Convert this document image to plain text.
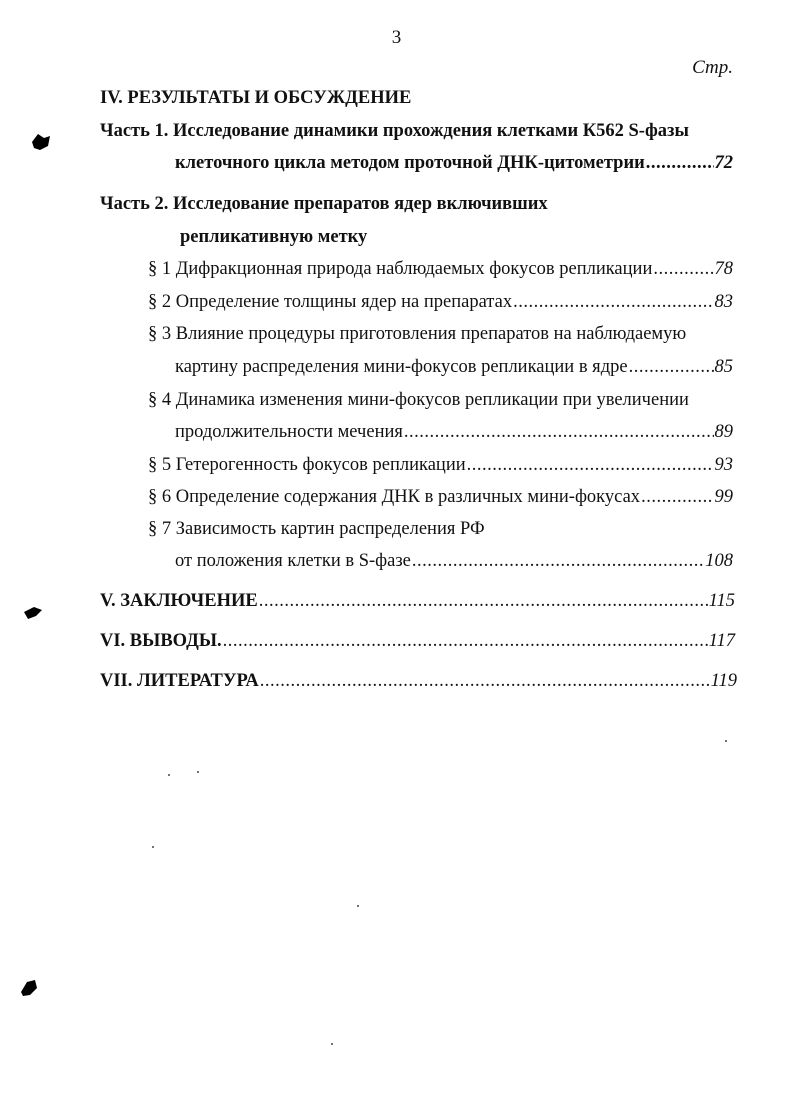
3
Стр.
IV. РЕЗУЛЬТАТЫ И ОБСУЖДЕНИЕ
Часть 1. Исследование динамики прохождения клетками К562 S-фазы
клеточного цикла методом проточной ДНК-цитометрии .....	72
Часть 2. Исследование препаратов ядер включивших
репликативную метку
§ 1 Дифракционная природа наблюдаемых фокусов репликации .....	78
§ 2 Определение толщины ядер на препаратах .....	83
§ 3 Влияние процедуры приготовления препаратов на наблюдаемую
картину распределения мини-фокусов репликации в ядре .....	85
§ 4 Динамика изменения мини-фокусов репликации при увеличении
продолжительности мечения .....	89
§ 5 Гетерогенность фокусов репликации .....	93
§ 6 Определение содержания ДНК в различных мини-фокусах .....	99
§ 7 Зависимость картин распределения РФ
от положения клетки в S-фазе .....	108
V. ЗАКЛЮЧЕНИЕ .....	115
VI. ВЫВОДЫ. .....	117
VII. ЛИТЕРАТУРА .....	119
